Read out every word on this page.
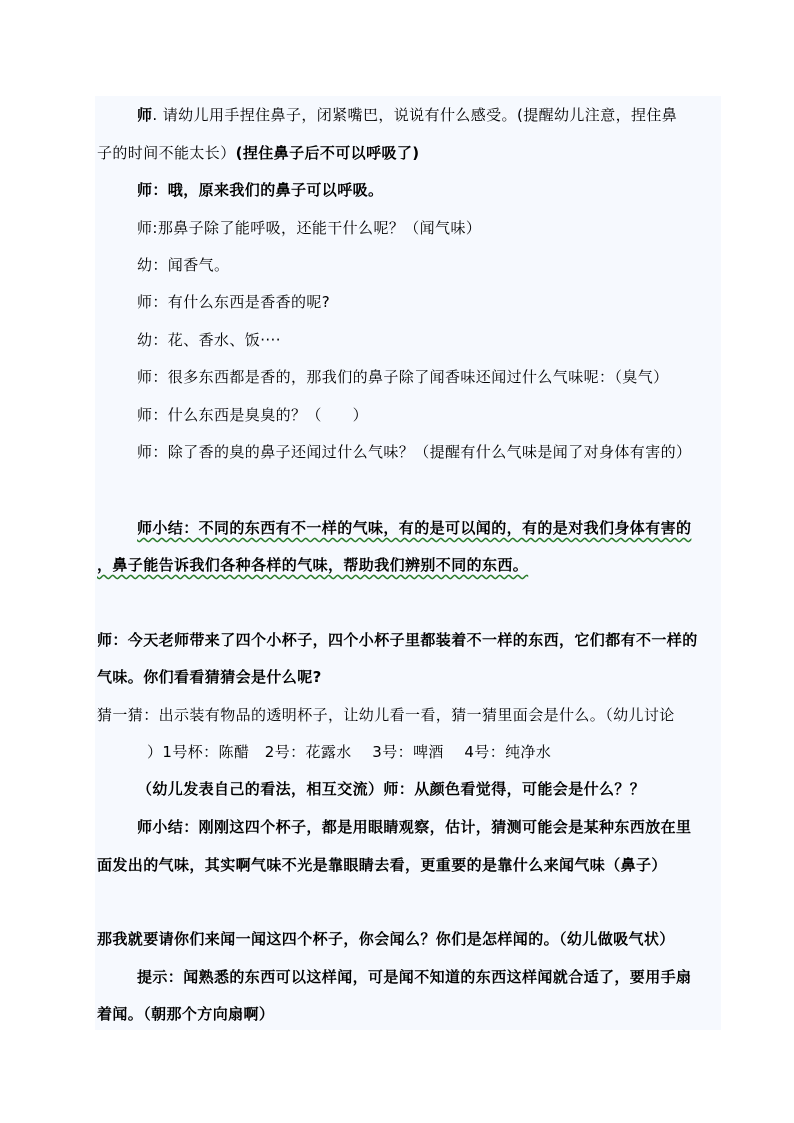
师. 请幼儿用手捏住鼻子，闭紧嘴巴，说说有什么感受。(提醒幼儿注意，捏住鼻
子的时间不能太长）(捏住鼻子后不可以呼吸了)
师：哦，原来我们的鼻子可以呼吸。
师:那鼻子除了能呼吸，还能干什么呢？（闻气味）
幼：闻香气。
师：有什么东西是香香的呢?
幼：花、香水、饭····
师：很多东西都是香的，那我们的鼻子除了闻香味还闻过什么气味呢：（臭气）
师：什么东西是臭臭的？（　　）
师：除了香的臭的鼻子还闻过什么气味？（提醒有什么气味是闻了对身体有害的）
师小结：不同的东西有不一样的气味，有的是可以闻的，有的是对我们身体有害的
，鼻子能告诉我们各种各样的气味，帮助我们辨别不同的东西。
师：今天老师带来了四个小杯子，四个小杯子里都装着不一样的东西，它们都有不一样的
气味。你们看看猜猜会是什么呢?
猜一猜：出示装有物品的透明杯子，让幼儿看一看，猜一猜里面会是什么。（幼儿讨论
）1号杯：陈醋　2号：花露水　 3号：啤酒　 4号：纯净水
（幼儿发表自己的看法，相互交流）师：从颜色看觉得，可能会是什么？？
师小结：刚刚这四个杯子，都是用眼睛观察，估计，猜测可能会是某种东西放在里
面发出的气味，其实啊气味不光是靠眼睛去看，更重要的是靠什么来闻气味（鼻子）
那我就要请你们来闻一闻这四个杯子，你会闻么？你们是怎样闻的。（幼儿做吸气状）
提示：闻熟悉的东西可以这样闻，可是闻不知道的东西这样闻就合适了，要用手扇
着闻。（朝那个方向扇啊）
